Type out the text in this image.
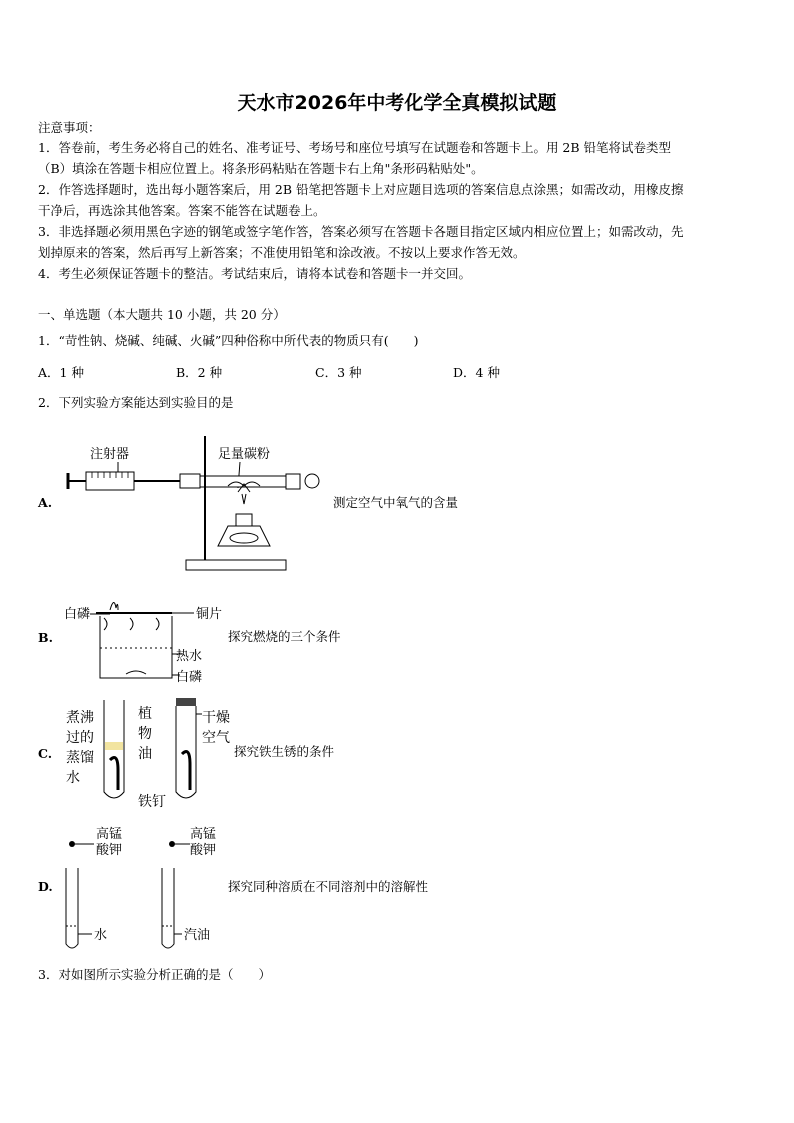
天水市2026年中考化学全真模拟试题
注意事项：
1．答卷前，考生务必将自己的姓名、准考证号、考场号和座位号填写在试题卷和答题卡上。用 2B 铅笔将试卷类型
（B）填涂在答题卡相应位置上。将条形码粘贴在答题卡右上角"条形码粘贴处"。
2．作答选择题时，选出每小题答案后，用 2B 铅笔把答题卡上对应题目选项的答案信息点涂黑；如需改动，用橡皮擦
干净后，再选涂其他答案。答案不能答在试题卷上。
3．非选择题必须用黑色字迹的钢笔或签字笔作答，答案必须写在答题卡各题目指定区域内相应位置上；如需改动，先
划掉原来的答案，然后再写上新答案；不准使用铅笔和涂改液。不按以上要求作答无效。
4．考生必须保证答题卡的整洁。考试结束后，请将本试卷和答题卡一并交回。
一、单选题（本大题共 10 小题，共 20 分）
1．“苛性钠、烧碱、纯碱、火碱”四种俗称中所代表的物质只有(　　)
A．1 种	B．2 种	C．3 种	D．4 种
2．下列实验方案能达到实验目的是
A.
注射器	足量碳粉
测定空气中氧气的含量
B.
白磷	铜片
热水
白磷
探究燃烧的三个条件
C.
煮沸
过的
蒸馏
水
植
物
油
干燥
空气
铁钉
探究铁生锈的条件
D.
高锰
酸钾
高锰
酸钾
水	汽油
探究同种溶质在不同溶剂中的溶解性
3．对如图所示实验分析正确的是（　　）
